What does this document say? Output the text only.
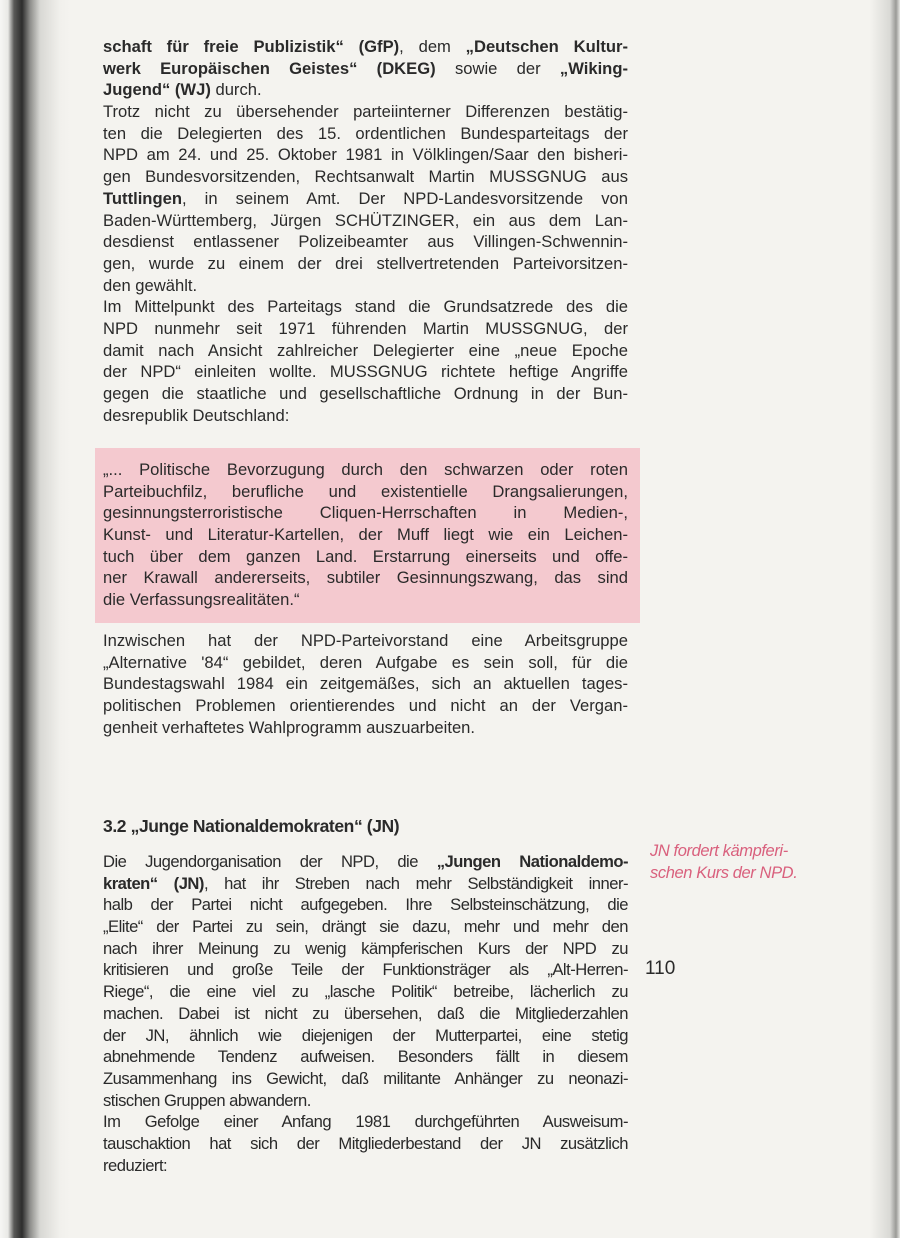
schaft für freie Publizistik“ (GfP), dem „Deutschen Kultur-
werk Europäischen Geistes“ (DKEG) sowie der „Wiking-
Jugend“ (WJ) durch.
Trotz nicht zu übersehender parteiinterner Differenzen bestätig-
ten die Delegierten des 15. ordentlichen Bundesparteitags der
NPD am 24. und 25. Oktober 1981 in Völklingen/Saar den bisheri-
gen Bundesvorsitzenden, Rechtsanwalt Martin MUSSGNUG aus
Tuttlingen, in seinem Amt. Der NPD-Landesvorsitzende von
Baden-Württemberg, Jürgen SCHÜTZINGER, ein aus dem Lan-
desdienst entlassener Polizeibeamter aus Villingen-Schwennin-
gen, wurde zu einem der drei stellvertretenden Parteivorsitzen-
den gewählt.
Im Mittelpunkt des Parteitags stand die Grundsatzrede des die
NPD nunmehr seit 1971 führenden Martin MUSSGNUG, der
damit nach Ansicht zahlreicher Delegierter eine „neue Epoche
der NPD“ einleiten wollte. MUSSGNUG richtete heftige Angriffe
gegen die staatliche und gesellschaftliche Ordnung in der Bun-
desrepublik Deutschland:
„... Politische Bevorzugung durch den schwarzen oder roten
Parteibuchfilz, berufliche und existentielle Drangsalierungen,
gesinnungsterroristische Cliquen-Herrschaften in Medien-,
Kunst- und Literatur-Kartellen, der Muff liegt wie ein Leichen-
tuch über dem ganzen Land. Erstarrung einerseits und offe-
ner Krawall andererseits, subtiler Gesinnungszwang, das sind
die Verfassungsrealitäten.“
Inzwischen hat der NPD-Parteivorstand eine Arbeitsgruppe
„Alternative '84“ gebildet, deren Aufgabe es sein soll, für die
Bundestagswahl 1984 ein zeitgemäßes, sich an aktuellen tages-
politischen Problemen orientierendes und nicht an der Vergan-
genheit verhaftetes Wahlprogramm auszuarbeiten.
Die Jugendorganisation der NPD, die „Jungen Nationaldemo-
kraten“ (JN), hat ihr Streben nach mehr Selbständigkeit inner-
halb der Partei nicht aufgegeben. Ihre Selbsteinschätzung, die
„Elite“ der Partei zu sein, drängt sie dazu, mehr und mehr den
nach ihrer Meinung zu wenig kämpferischen Kurs der NPD zu
kritisieren und große Teile der Funktionsträger als „Alt-Herren-
Riege“, die eine viel zu „lasche Politik“ betreibe, lächerlich zu
machen. Dabei ist nicht zu übersehen, daß die Mitgliederzahlen
der JN, ähnlich wie diejenigen der Mutterpartei, eine stetig
abnehmende Tendenz aufweisen. Besonders fällt in diesem
Zusammenhang ins Gewicht, daß militante Anhänger zu neonazi-
stischen Gruppen abwandern.
Im Gefolge einer Anfang 1981 durchgeführten Ausweisum-
tauschaktion hat sich der Mitgliederbestand der JN zusätzlich
reduziert:
3.2 „Junge Nationaldemokraten“ (JN)
JN fordert kämpferi-
schen Kurs der NPD.
110
